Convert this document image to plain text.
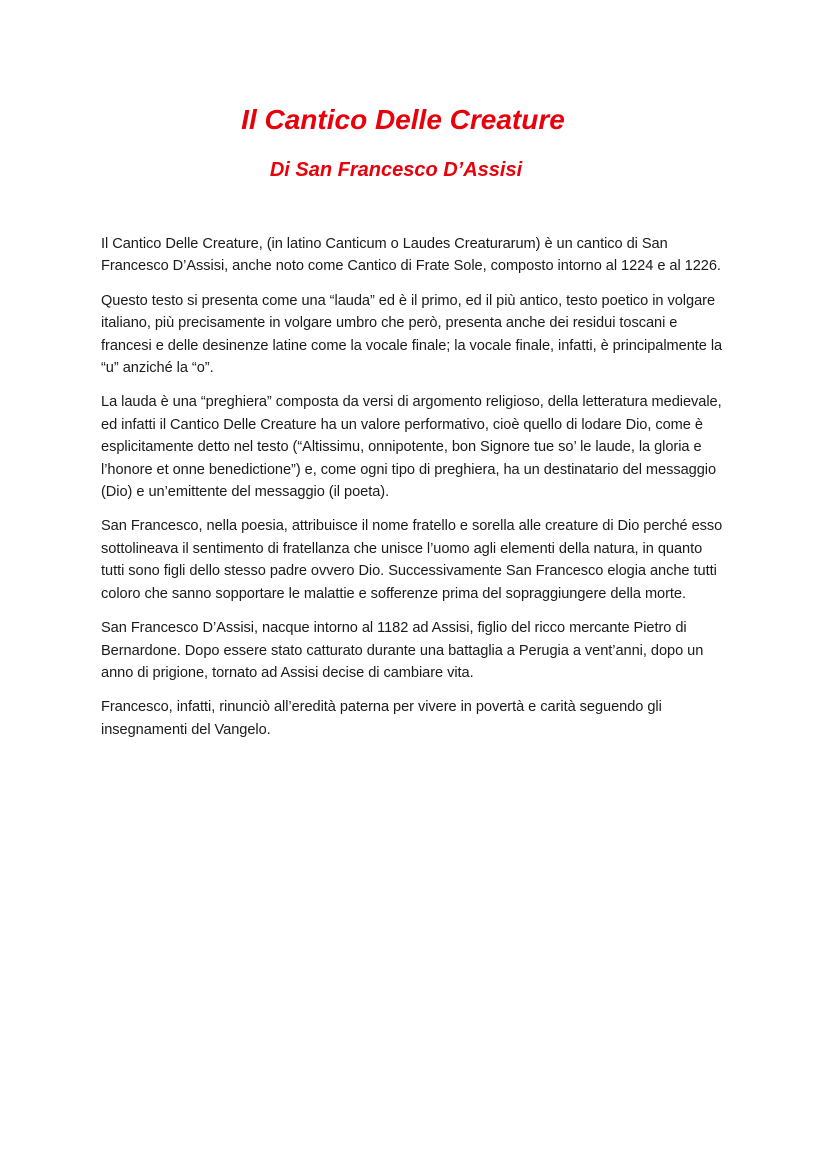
Il Cantico Delle Creature
Di San Francesco D’Assisi

Il Cantico Delle Creature, (in latino Canticum o Laudes Creaturarum) è un cantico di San Francesco D’Assisi, anche noto come Cantico di Frate Sole, composto intorno al 1224 e al 1226.

Questo testo si presenta come una “lauda” ed è il primo, ed il più antico, testo poetico in volgare italiano, più precisamente in volgare umbro che però, presenta anche dei residui toscani e francesi e delle desinenze latine come la vocale finale; la vocale finale, infatti, è principalmente la “u” anziché la “o”.

La lauda è una “preghiera” composta da versi di argomento religioso, della letteratura medievale, ed infatti il Cantico Delle Creature ha un valore performativo, cioè quello di lodare Dio, come è esplicitamente detto nel testo (“Altissimu, onnipotente, bon Signore tue so’ le laude, la gloria e l’honore et onne benedictione”) e, come ogni tipo di preghiera, ha un destinatario del messaggio (Dio) e un’emittente del messaggio (il poeta).

San Francesco, nella poesia, attribuisce il nome fratello e sorella alle creature di Dio perché esso sottolineava il sentimento di fratellanza che unisce l’uomo agli elementi della natura, in quanto tutti sono figli dello stesso padre ovvero Dio. Successivamente San Francesco elogia anche tutti coloro che sanno sopportare le malattie e sofferenze prima del sopraggiungere della morte.

San Francesco D’Assisi, nacque intorno al 1182 ad Assisi, figlio del ricco mercante Pietro di Bernardone. Dopo essere stato catturato durante una battaglia a Perugia a vent’anni, dopo un anno di prigione, tornato ad Assisi decise di cambiare vita.

Francesco, infatti, rinunciò all’eredità paterna per vivere in povertà e carità seguendo gli insegnamenti del Vangelo.
